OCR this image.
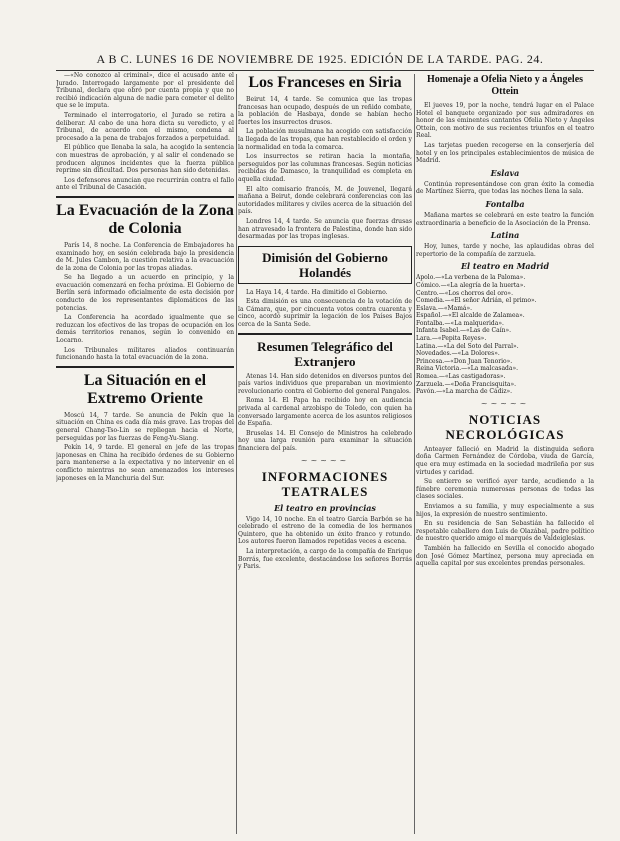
A B C. LUNES 16 DE NOVIEMBRE DE 1925. EDICIÓN DE LA TARDE. PAG. 24.

—«No conozco al criminal», dice el acusado ante el Jurado. Interrogado largamente por el presidente del Tribunal, declara que obró por cuenta propia y que no recibió indicación alguna de nadie para cometer el delito que se le imputa.

Terminado el interrogatorio, el Jurado se retira a deliberar. Al cabo de una hora dicta su veredicto, y el Tribunal, de acuerdo con el mismo, condena al procesado a la pena de trabajos forzados a perpetuidad.

El público que llenaba la sala, ha acogido la sentencia con muestras de aprobación, y al salir el condenado se producen algunos incidentes que la fuerza pública reprime sin dificultad. Dos personas han sido detenidas.

Los defensores anuncian que recurrirán contra el fallo ante el Tribunal de Casación.

La Evacuación de la Zona de Colonia

París 14, 8 noche. La Conferencia de Embajadores ha examinado hoy, en sesión celebrada bajo la presidencia de M. Jules Cambon, la cuestión relativa a la evacuación de la zona de Colonia por las tropas aliadas.

Se ha llegado a un acuerdo en principio, y la evacuación comenzará en fecha próxima. El Gobierno de Berlín será informado oficialmente de esta decisión por conducto de los representantes diplomáticos de las potencias.

La Conferencia ha acordado igualmente que se reduzcan los efectivos de las tropas de ocupación en los demás territorios renanos, según lo convenido en Locarno.

Los Tribunales militares aliados continuarán funcionando hasta la total evacuación de la zona.

La Situación en el Extremo Oriente

Moscú 14, 7 tarde. Se anuncia de Pekín que la situación en China es cada día más grave. Las tropas del general Chang-Tso-Lin se repliegan hacia el Norte, perseguidas por las fuerzas de Feng-Yu-Siang.

Pekín 14, 9 tarde. El general en jefe de las tropas japonesas en China ha recibido órdenes de su Gobierno para mantenerse a la expectativa y no intervenir en el conflicto mientras no sean amenazados los intereses japoneses en la Manchuria del Sur.

Los Franceses en Siria

Beirut 14, 4 tarde. Se comunica que las tropas francesas han ocupado, después de un reñido combate, la población de Hasbaya, donde se habían hecho fuertes los insurrectos drusos.

La población musulmana ha acogido con satisfacción la llegada de las tropas, que han restablecido el orden y la normalidad en toda la comarca.

Los insurrectos se retiran hacia la montaña, perseguidos por las columnas francesas. Según noticias recibidas de Damasco, la tranquilidad es completa en aquella ciudad.

El alto comisario francés, M. de Jouvenel, llegará mañana a Beirut, donde celebrará conferencias con las autoridades militares y civiles acerca de la situación del país.

Londres 14, 4 tarde. Se anuncia que fuerzas drusas han atravesado la frontera de Palestina, donde han sido desarmadas por las tropas inglesas.

Dimisión del Gobierno Holandés

La Haya 14, 4 tarde. Ha dimitido el Gobierno.

Esta dimisión es una consecuencia de la votación de la Cámara, que, por cincuenta votos contra cuarenta y cinco, acordó suprimir la legación de los Países Bajos cerca de la Santa Sede.

Resumen Telegráfico del Extranjero

Atenas 14. Han sido detenidos en diversos puntos del país varios individuos que preparaban un movimiento revolucionario contra el Gobierno del general Pangalos.

Roma 14. El Papa ha recibido hoy en audiencia privada al cardenal arzobispo de Toledo, con quien ha conversado largamente acerca de los asuntos religiosos de España.

Bruselas 14. El Consejo de Ministros ha celebrado hoy una larga reunión para examinar la situación financiera del país.

~~~~~
INFORMACIONES TEATRALES
El teatro en provincias

Vigo 14, 10 noche. En el teatro García Barbón se ha celebrado el estreno de la comedia de los hermanos Quintero, que ha obtenido un éxito franco y rotundo. Los autores fueron llamados repetidas veces a escena.

La interpretación, a cargo de la compañía de Enrique Borrás, fue excelente, destacándose los señores Borrás y Paris.

Homenaje a Ofelia Nieto y a Ángeles Ottein

El jueves 19, por la noche, tendrá lugar en el Palace Hotel el banquete organizado por sus admiradores en honor de las eminentes cantantes Ofelia Nieto y Ángeles Ottein, con motivo de sus recientes triunfos en el teatro Real.

Las tarjetas pueden recogerse en la conserjería del hotel y en los principales establecimientos de música de Madrid.

Eslava

Continúa representándose con gran éxito la comedia de Martínez Sierra, que todas las noches llena la sala.

Fontalba

Mañana martes se celebrará en este teatro la función extraordinaria a beneficio de la Asociación de la Prensa.

Latina

Hoy, lunes, tarde y noche, las aplaudidas obras del repertorio de la compañía de zarzuela.

El teatro en Madrid
Apolo.—«La verbena de la Paloma».
Cómico.—«La alegría de la huerta».
Centro.—«Los chorros del oro».
Comedia.—«El señor Adrián, el primo».
Eslava.—«Mamá».
Español.—«El alcalde de Zalamea».
Fontalba.—«La malquerida».
Infanta Isabel.—«Las de Caín».
Lara.—«Pepita Reyes».
Latina.—«La del Soto del Parral».
Novedades.—«La Dolores».
Princesa.—«Don Juan Tenorio».
Reina Victoria.—«La malcasada».
Romea.—«Las castigadoras».
Zarzuela.—«Doña Francisquita».
Pavón.—«La marcha de Cádiz».
~~~~~
NOTICIAS NECROLÓGICAS

Anteayer falleció en Madrid la distinguida señora doña Carmen Fernández de Córdoba, viuda de García, que era muy estimada en la sociedad madrileña por sus virtudes y caridad.

Su entierro se verificó ayer tarde, acudiendo a la fúnebre ceremonia numerosas personas de todas las clases sociales.

Enviamos a su familia, y muy especialmente a sus hijos, la expresión de nuestro sentimiento.

En su residencia de San Sebastián ha fallecido el respetable caballero don Luis de Olazábal, padre político de nuestro querido amigo el marqués de Valdeiglesias.

También ha fallecido en Sevilla el conocido abogado don José Gómez Martínez, persona muy apreciada en aquella capital por sus excelentes prendas personales.
